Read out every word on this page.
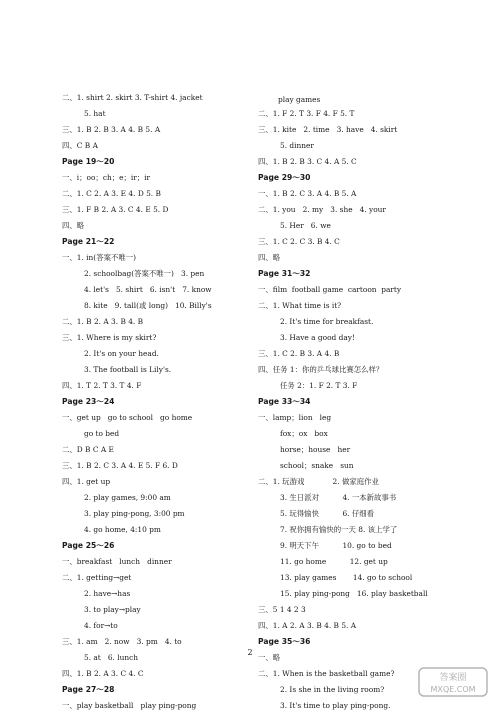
play games
二、1. shirt 2. skirt 3. T-shirt 4. jacket
5. hat
三、1. B 2. B 3. A 4. B 5. A
四、C B A
Page 19～20
一、i；oo；ch；e；ir；ir
二、1. C 2. A 3. E 4. D 5. B
三、1. F B 2. A 3. C 4. E 5. D
四、略
Page 21～22
一、1. in(答案不唯一)
2. schoolbag(答案不唯一)   3. pen
4. let's   5. shirt   6. isn't   7. know
8. kite   9. tall(或 long)   10. Billy's
二、1. B 2. A 3. B 4. B
三、1. Where is my skirt?
2. It's on your head.
3. The football is Lily's.
四、1. T 2. T 3. T 4. F
Page 23～24
一、get up   go to school   go home
go to bed
二、D B C A E
三、1. B 2. C 3. A 4. E 5. F 6. D
四、1. get up
2. play games, 9:00 am
3. play ping-pong, 3:00 pm
4. go home, 4:10 pm
Page 25～26
一、breakfast   lunch   dinner
二、1. getting→get
2. have→has
3. to play→play
4. for→to
三、1. am   2. now   3. pm   4. to
5. at   6. lunch
四、1. B 2. A 3. C 4. C
Page 27～28
一、play basketball   play ping-pong
二、1. F 2. T 3. F 4. F 5. T
三、1. kite   2. time   3. have   4. skirt
5. dinner
四、1. B 2. B 3. C 4. A 5. C
Page 29～30
一、1. B 2. C 3. A 4. B 5. A
二、1. you   2. my   3. she   4. your
5. Her   6. we
三、1. C 2. C 3. B 4. C
四、略
Page 31～32
一、film  football game  cartoon  party
二、1. What time is it?
2. It's time for breakfast.
3. Have a good day!
三、1. C 2. B 3. A 4. B
四、任务 1：你的乒乓球比赛怎么样？
任务 2：1. F 2. T 3. F
Page 33～34
一、lamp；lion   leg
fox；ox   box
horse；house   her
school；snake   sun
二、1. 玩游戏            2. 做家庭作业
3. 生日派对          4. 一本新故事书
5. 玩得愉快          6. 仔细看
7. 祝你拥有愉快的一天 8. 该上学了
9. 明天下午          10. go to bed
11. go home          12. get up
13. play games       14. go to school
15. play ping-pong   16. play basketball
三、5 1 4 2 3
四、1. A 2. A 3. B 4. B 5. A
Page 35～36
一、略
二、1. When is the basketball game?
2. Is she in the living room?
3. It's time to play ping-pong.
2
答案圈
MXQE.COM
